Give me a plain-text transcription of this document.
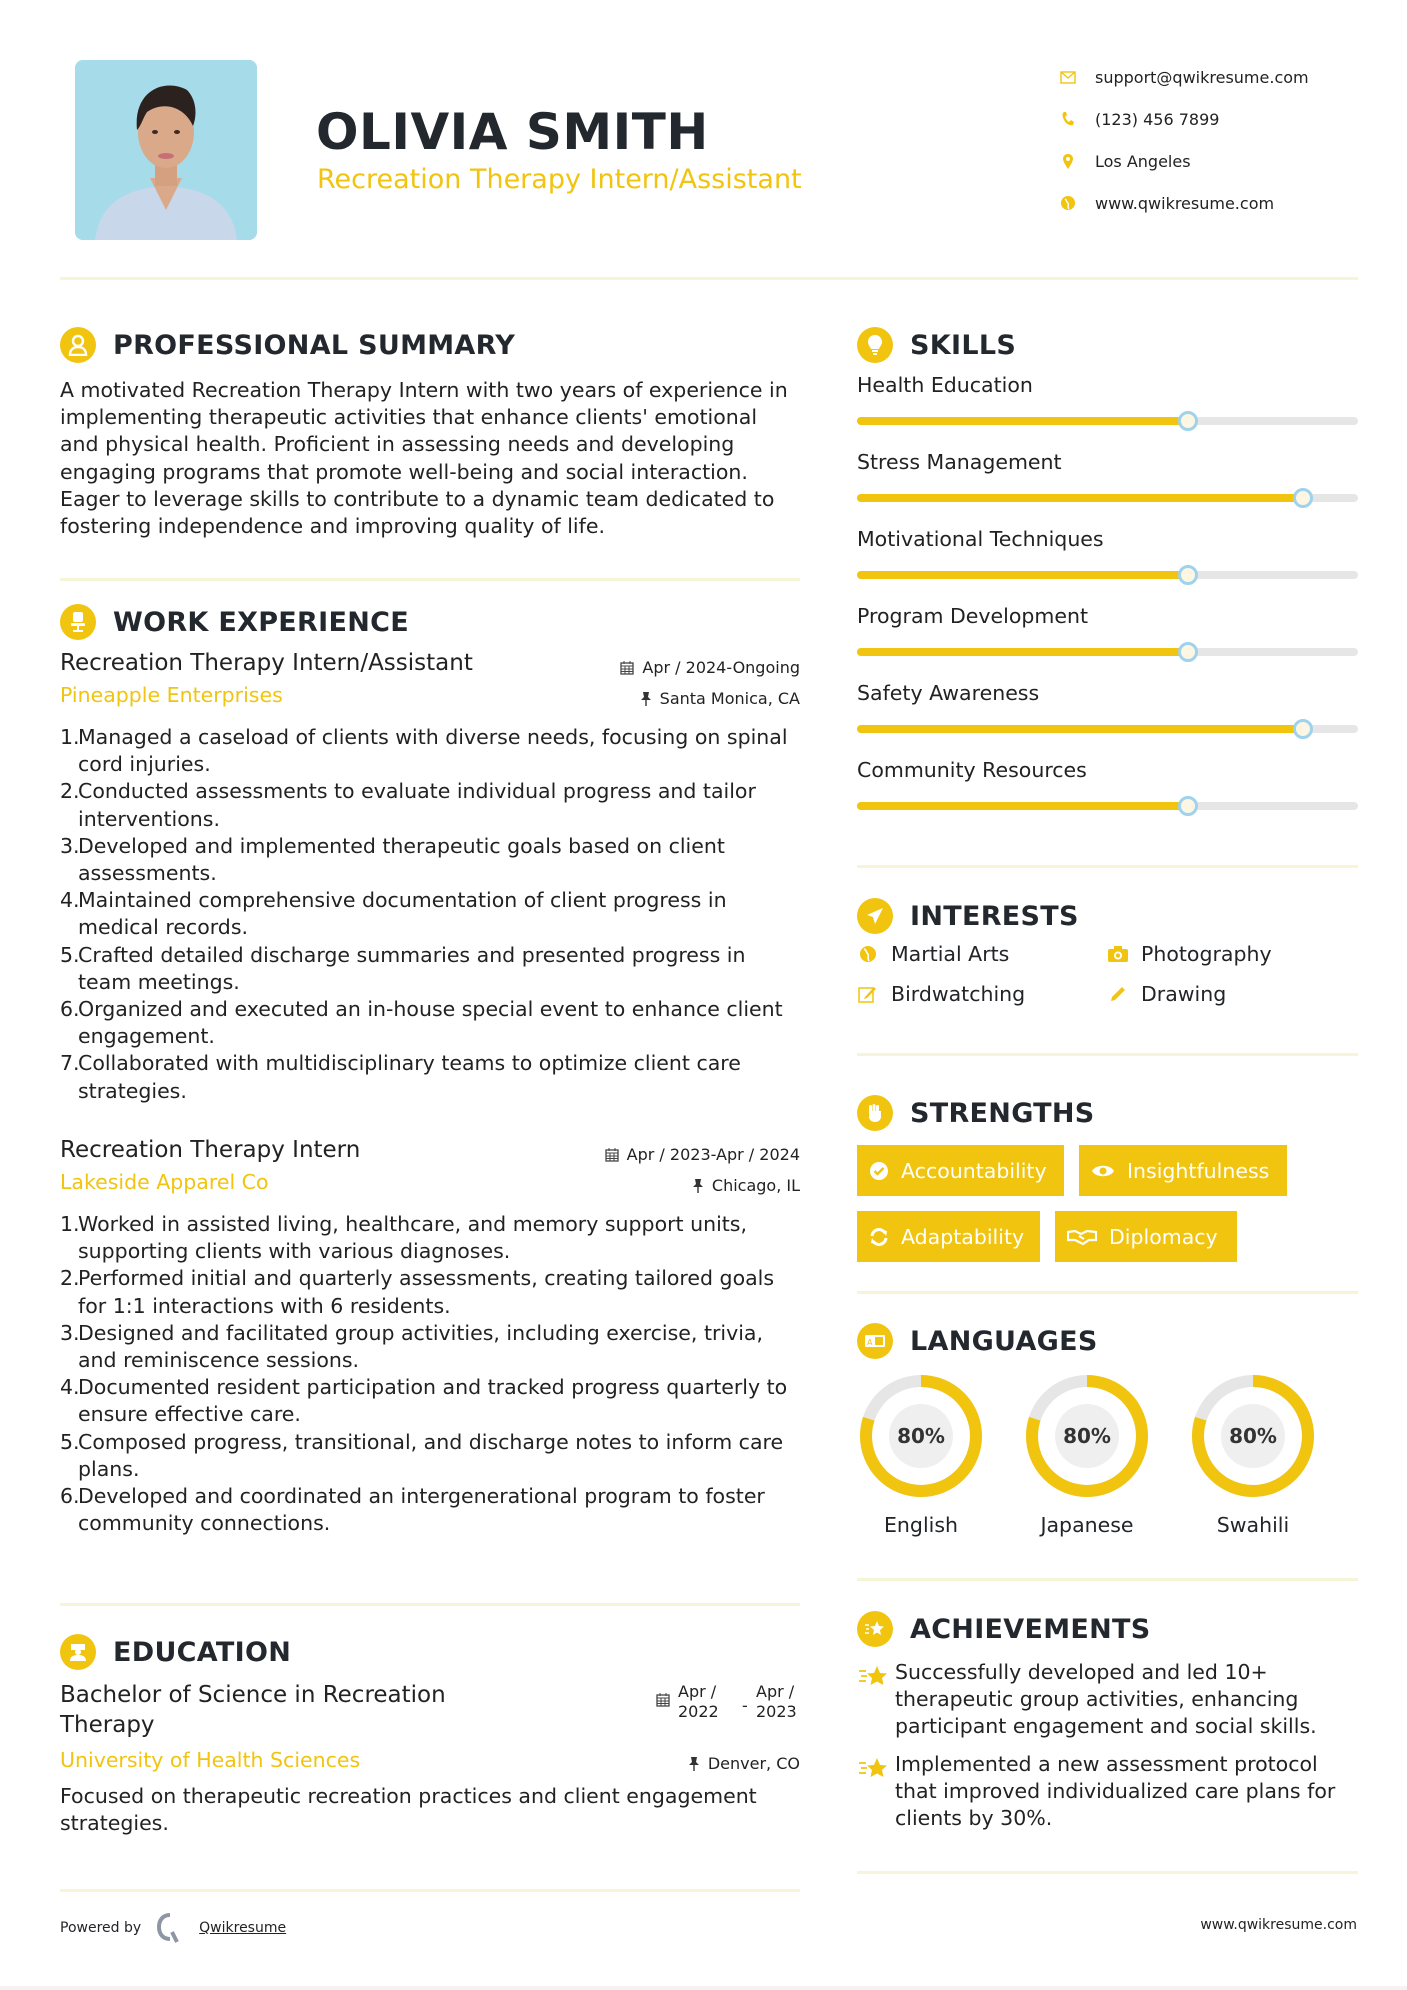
OLIVIA SMITH
Recreation Therapy Intern/Assistant
support@qwikresume.com
(123) 456 7899
Los Angeles
www.qwikresume.com
PROFESSIONAL SUMMARY

A motivated Recreation Therapy Intern with two years of experience in implementing therapeutic activities that enhance clients' emotional and physical health. Proficient in assessing needs and developing engaging programs that promote well-being and social interaction. Eager to leverage skills to contribute to a dynamic team dedicated to fostering independence and improving quality of life.

WORK EXPERIENCE
Recreation Therapy Intern/Assistant	Apr / 2024-Ongoing
Pineapple Enterprises	Santa Monica, CA
1.
Managed a caseload of clients with diverse needs, focusing on spinal cord injuries.
2.
Conducted assessments to evaluate individual progress and tailor interventions.
3.
Developed and implemented therapeutic goals based on client assessments.
4.
Maintained comprehensive documentation of client progress in medical records.
5.
Crafted detailed discharge summaries and presented progress in team meetings.
6.
Organized and executed an in-house special event to enhance client engagement.
7.
Collaborated with multidisciplinary teams to optimize client care strategies.
Recreation Therapy Intern	Apr / 2023-Apr / 2024
Lakeside Apparel Co	Chicago, IL
1.
Worked in assisted living, healthcare, and memory support units, supporting clients with various diagnoses.
2.
Performed initial and quarterly assessments, creating tailored goals for 1:1 interactions with 6 residents.
3.
Designed and facilitated group activities, including exercise, trivia, and reminiscence sessions.
4.
Documented resident participation and tracked progress quarterly to ensure effective care.
5.
Composed progress, transitional, and discharge notes to inform care plans.
6.
Developed and coordinated an intergenerational program to foster community connections.
EDUCATION
Bachelor of Science in Recreation Therapy
Apr / 2022	-
Apr / 2023
University of Health Sciences	Denver, CO

Focused on therapeutic recreation practices and client engagement strategies.

SKILLS
Health Education
Stress Management
Motivational Techniques
Program Development
Safety Awareness
Community Resources
INTERESTS
Martial Arts	Photography
Birdwatching	Drawing
STRENGTHS
Accountability	Insightfulness
Adaptability	Diplomacy
A LANGUAGES
80%
English
80%
Japanese
80%
Swahili
ACHIEVEMENTS
Successfully developed and led 10+ therapeutic group activities, enhancing participant engagement and social skills.
Implemented a new assessment protocol that improved individualized care plans for clients by 30%.
Powered by	Qwikresume	www.qwikresume.com
